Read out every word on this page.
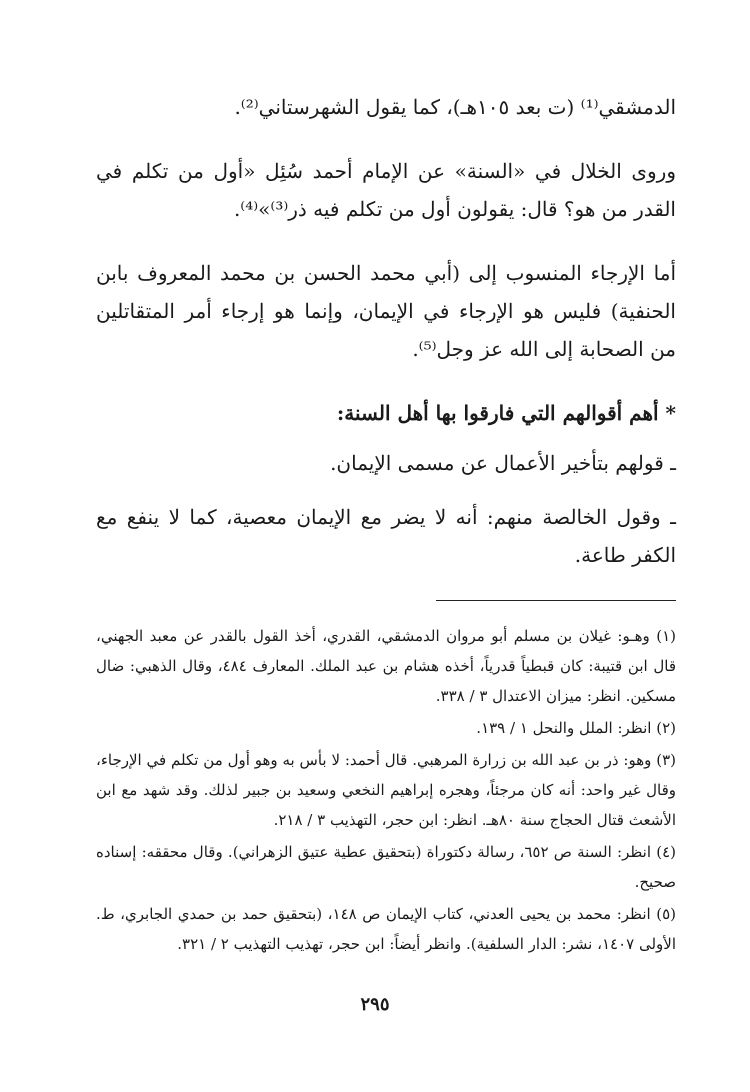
الدمشقي⁽¹⁾ (ت بعد ١٠٥هـ)، كما يقول الشهرستاني⁽²⁾.

وروى الخلال في «السنة» عن الإمام أحمد سُئِل «أول من تكلم في القدر من هو؟ قال: يقولون أول من تكلم فيه ذر⁽³⁾»⁽⁴⁾.

أما الإرجاء المنسوب إلى (أبي محمد الحسن بن محمد المعروف بابن الحنفية) فليس هو الإرجاء في الإيمان، وإنما هو إرجاء أمر المتقاتلين من الصحابة إلى الله عز وجل⁽⁵⁾.

* أهم أقوالهم التي فارقوا بها أهل السنة:

ـ قولهم بتأخير الأعمال عن مسمى الإيمان.

ـ وقول الخالصة منهم: أنه لا يضر مع الإيمان معصية، كما لا ينفع مع الكفر طاعة.

(١) وهـو: غيلان بن مسلم أبو مروان الدمشقي، القدري، أخذ القول بالقدر عن معبد الجهني، قال ابن قتيبة: كان قبطياً قدرياً، أخذه هشام بن عبد الملك. المعارف ٤٨٤، وقال الذهبي: ضال مسكين. انظر: ميزان الاعتدال ٣ / ٣٣٨.

(٢) انظر: الملل والنحل ١ / ١٣٩.

(٣) وهو: ذر بن عبد الله بن زرارة المرهبي. قال أحمد: لا بأس به وهو أول من تكلم في الإرجاء، وقال غير واحد: أنه كان مرجئاً، وهجره إبراهيم النخعي وسعيد بن جبير لذلك. وقد شهد مع ابن الأشعث قتال الحجاج سنة ٨٠هـ. انظر: ابن حجر، التهذيب ٣ / ٢١٨.

(٤) انظر: السنة ص ٦٥٢، رسالة دكتوراة (بتحقيق عطية عتيق الزهراني). وقال محققه: إسناده صحيح.

(٥) انظر: محمد بن يحيى العدني، كتاب الإيمان ص ١٤٨، (بتحقيق حمد بن حمدي الجابري، ط. الأولى ١٤٠٧، نشر: الدار السلفية). وانظر أيضاً: ابن حجر، تهذيب التهذيب ٢ / ٣٢١.

٢٩٥
